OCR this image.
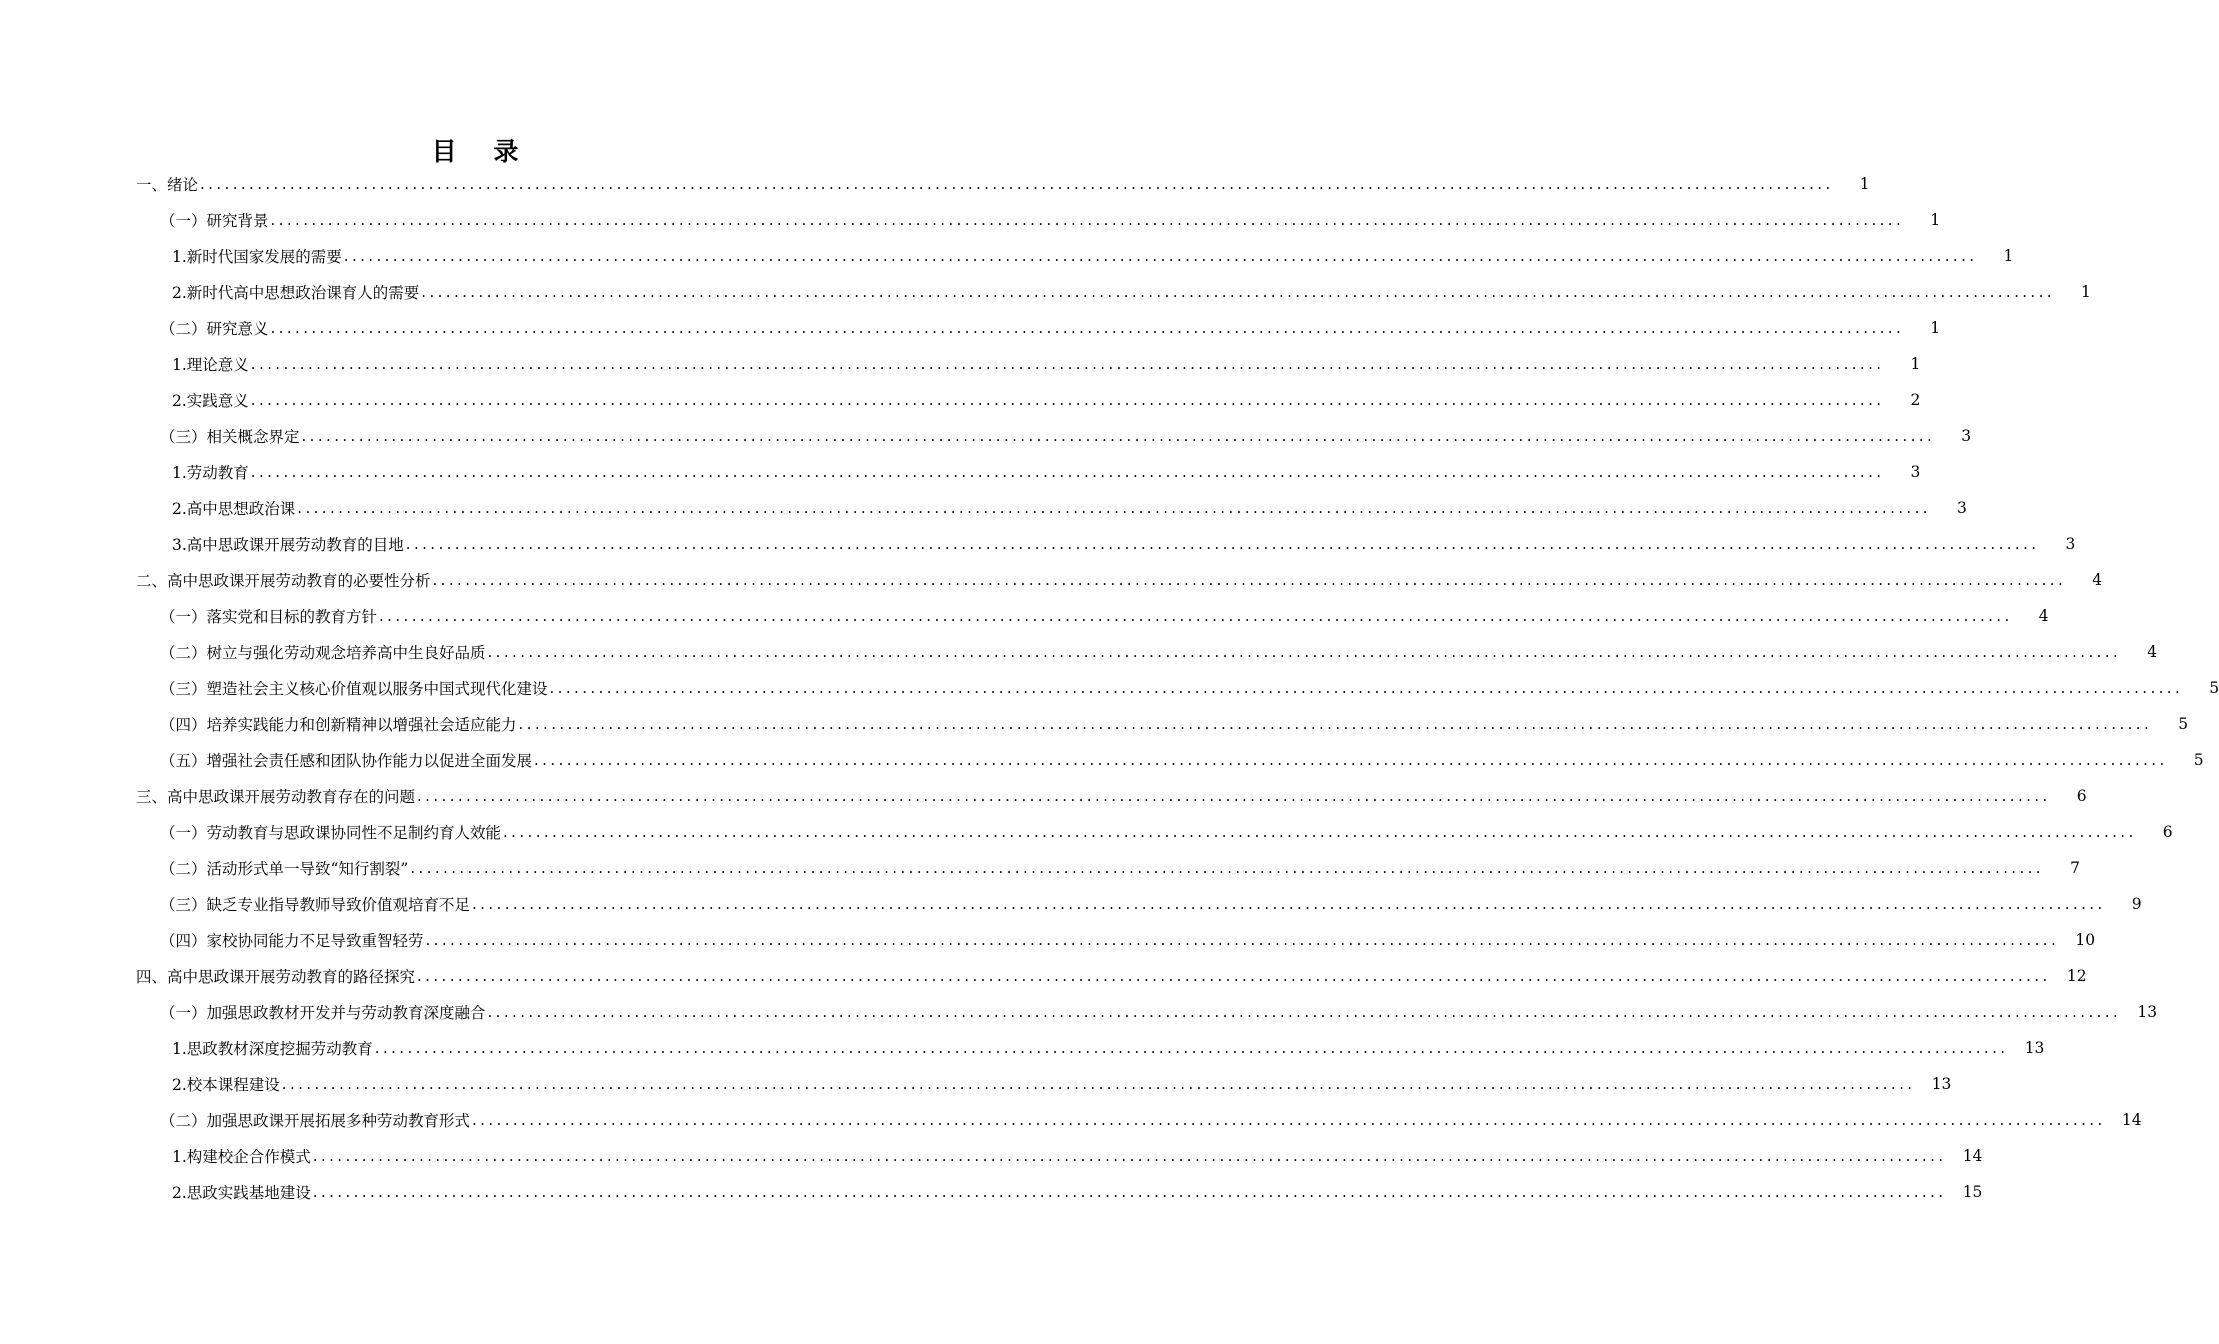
目 录
一、绪论 ........................................................................................................................................................................................................	1
（一）研究背景 ........................................................................................................................................................................................................	1
1.新时代国家发展的需要 ........................................................................................................................................................................................................	1
2.新时代高中思想政治课育人的需要 ........................................................................................................................................................................................................	1
（二）研究意义 ........................................................................................................................................................................................................	1
1.理论意义 ........................................................................................................................................................................................................	1
2.实践意义 ........................................................................................................................................................................................................	2
（三）相关概念界定 ........................................................................................................................................................................................................	3
1.劳动教育 ........................................................................................................................................................................................................	3
2.高中思想政治课 ........................................................................................................................................................................................................	3
3.高中思政课开展劳动教育的目地 ........................................................................................................................................................................................................	3
二、高中思政课开展劳动教育的必要性分析 ........................................................................................................................................................................................................	4
（一）落实党和目标的教育方针 ........................................................................................................................................................................................................	4
（二）树立与强化劳动观念培养高中生良好品质 ........................................................................................................................................................................................................	4
（三）塑造社会主义核心价值观以服务中国式现代化建设 ........................................................................................................................................................................................................	5
（四）培养实践能力和创新精神以增强社会适应能力 ........................................................................................................................................................................................................	5
（五）增强社会责任感和团队协作能力以促进全面发展 ........................................................................................................................................................................................................	5
三、高中思政课开展劳动教育存在的问题 ........................................................................................................................................................................................................	6
（一）劳动教育与思政课协同性不足制约育人效能 ........................................................................................................................................................................................................	6
（二）活动形式单一导致“知行割裂” ........................................................................................................................................................................................................	7
（三）缺乏专业指导教师导致价值观培育不足 ........................................................................................................................................................................................................	9
（四）家校协同能力不足导致重智轻劳 ........................................................................................................................................................................................................	10
四、高中思政课开展劳动教育的路径探究 ........................................................................................................................................................................................................	12
（一）加强思政教材开发并与劳动教育深度融合 ........................................................................................................................................................................................................	13
1.思政教材深度挖掘劳动教育 ........................................................................................................................................................................................................	13
2.校本课程建设 ........................................................................................................................................................................................................	13
（二）加强思政课开展拓展多种劳动教育形式 ........................................................................................................................................................................................................	14
1.构建校企合作模式 ........................................................................................................................................................................................................	14
2.思政实践基地建设 ........................................................................................................................................................................................................	15
